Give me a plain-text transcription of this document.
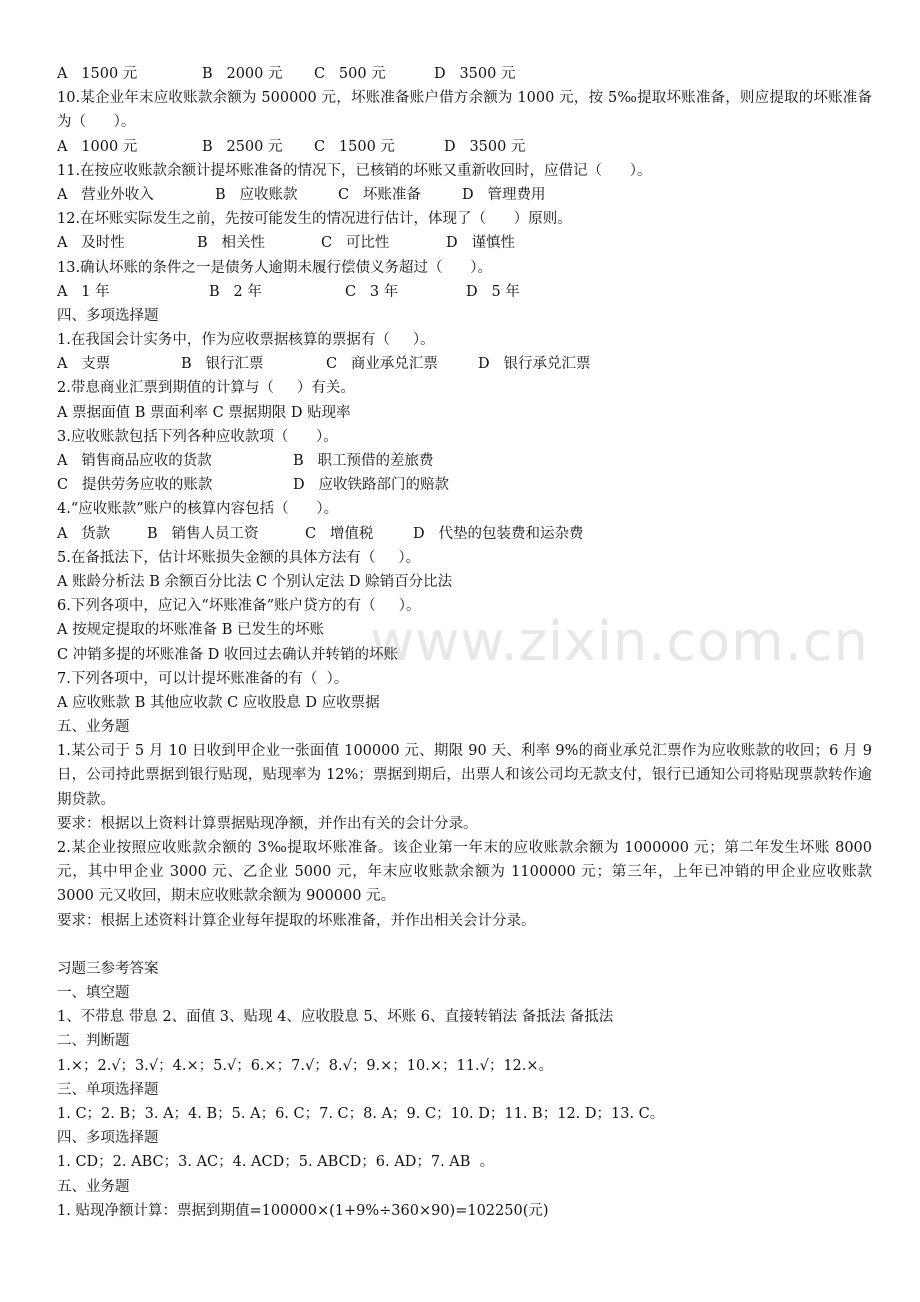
www.zixin.com.cn
A   1500 元	B   2000 元	C   500 元	D   3500 元
10.某企业年末应收账款余额为 500000 元，坏账准备账户借方余额为 1000 元，按 5‰提取坏账准备，则应提取的坏账准备为（      ）。
A   1000 元	B   2500 元	C   1500 元	D   3500 元
11.在按应收账款余额计提坏账准备的情况下，已核销的坏账又重新收回时，应借记（      ）。
A   营业外收入	B   应收账款	C   坏账准备	D   管理费用
12.在坏账实际发生之前，先按可能发生的情况进行估计，体现了（      ）原则。
A   及时性	B   相关性	C   可比性	D   谨慎性
13.确认坏账的条件之一是债务人逾期未履行偿债义务超过（      ）。
A   1 年	B   2 年	C   3 年	D   5 年
四、多项选择题
1.在我国会计实务中，作为应收票据核算的票据有（     ）。
A   支票	B   银行汇票	C   商业承兑汇票	D   银行承兑汇票
2.带息商业汇票到期值的计算与（     ）有关。
A 票据面值 B 票面利率 C 票据期限 D 贴现率
3.应收账款包括下列各种应收款项（      ）。
A   销售商品应收的货款	B   职工预借的差旅费
C   提供劳务应收的账款	D   应收铁路部门的赔款
4.“应收账款”账户的核算内容包括（      ）。
A   货款	B   销售人员工资	C   增值税	D   代垫的包装费和运杂费
5.在备抵法下，估计坏账损失金额的具体方法有（     ）。
A 账龄分析法 B 余额百分比法 C 个别认定法 D 赊销百分比法
6.下列各项中，应记入“坏账准备”账户贷方的有（     ）。
A 按规定提取的坏账准备 B 已发生的坏账
C 冲销多提的坏账准备 D 收回过去确认并转销的坏账
7.下列各项中，可以计提坏账准备的有（  ）。
A 应收账款 B 其他应收款 C 应收股息 D 应收票据
五、业务题
1.某公司于 5 月 10 日收到甲企业一张面值 100000 元、期限 90 天、利率 9%的商业承兑汇票作为应收账款的收回；6 月 9 日，公司持此票据到银行贴现，贴现率为 12%；票据到期后，出票人和该公司均无款支付，银行已通知公司将贴现票款转作逾期贷款。
要求：根据以上资料计算票据贴现净额，并作出有关的会计分录。
2.某企业按照应收账款余额的 3‰提取坏账准备。该企业第一年末的应收账款余额为 1000000 元；第二年发生坏账 8000 元，其中甲企业 3000 元、乙企业 5000 元，年末应收账款余额为 1100000 元；第三年，上年已冲销的甲企业应收账款 3000 元又收回，期末应收账款余额为 900000 元。
要求：根据上述资料计算企业每年提取的坏账准备，并作出相关会计分录。
习题三参考答案
一、填空题
1、不带息 带息 2、面值 3、贴现 4、应收股息 5、坏账 6、直接转销法 备抵法 备抵法
二、判断题
1.×；2.√；3.√；4.×；5.√；6.×；7.√；8.√；9.×；10.×；11.√；12.×。
三、单项选择题
1. C；2. B；3. A；4. B；5. A；6. C；7. C；8. A；9. C；10. D；11. B；12. D；13. C。
四、多项选择题
1. CD；2. ABC；3. AC；4. ACD；5. ABCD；6. AD；7. AB  。
五、业务题
1. 贴现净额计算：票据到期值=100000×(1+9%÷360×90)=102250(元)
